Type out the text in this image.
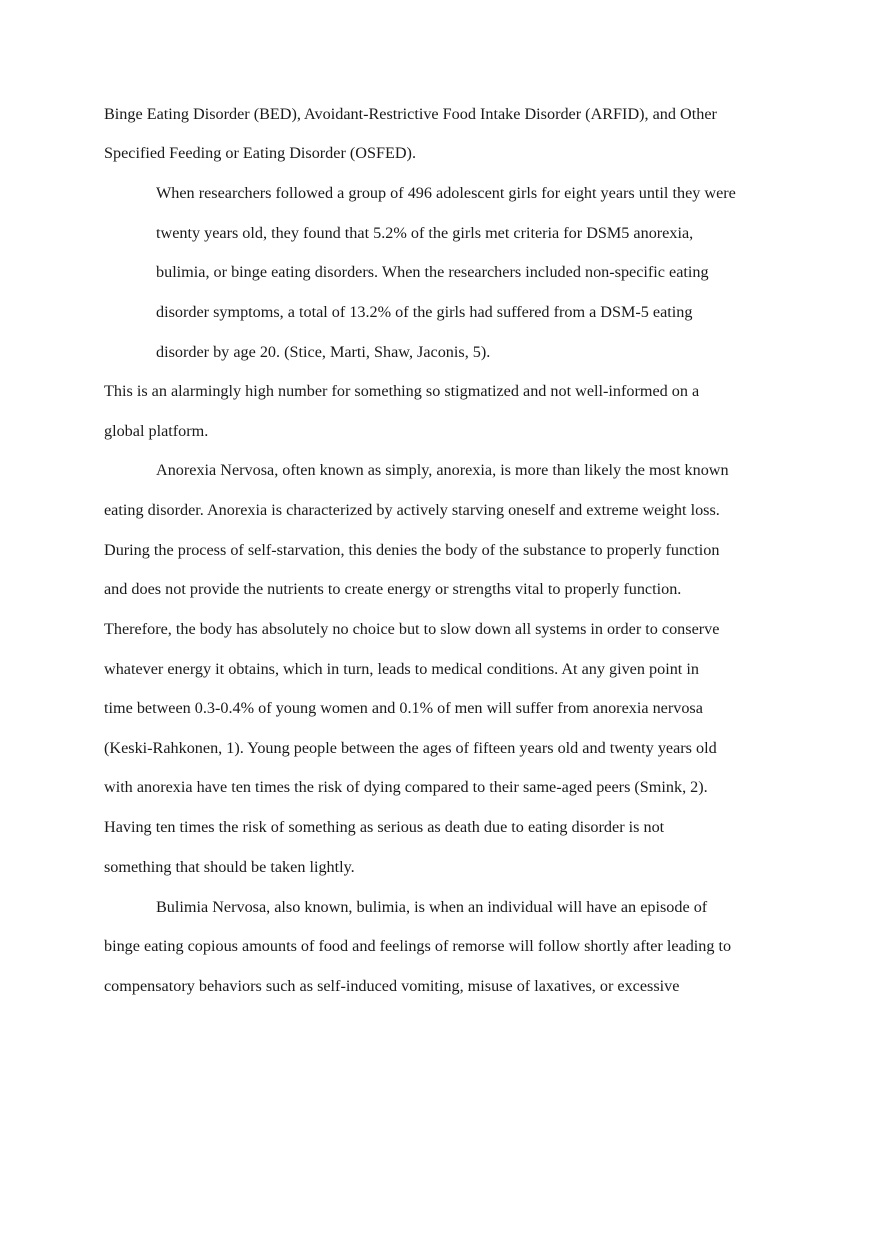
Binge Eating Disorder (BED), Avoidant-Restrictive Food Intake Disorder (ARFID), and Other
Specified Feeding or Eating Disorder (OSFED).
When researchers followed a group of 496 adolescent girls for eight years until they were
twenty years old, they found that 5.2% of the girls met criteria for DSM5 anorexia,
bulimia, or binge eating disorders. When the researchers included non-specific eating
disorder symptoms, a total of 13.2% of the girls had suffered from a DSM-5 eating
disorder by age 20. (Stice, Marti, Shaw, Jaconis, 5).
This is an alarmingly high number for something so stigmatized and not well-informed on a
global platform.
Anorexia Nervosa, often known as simply, anorexia, is more than likely the most known
eating disorder. Anorexia is characterized by actively starving oneself and extreme weight loss.
During the process of self-starvation, this denies the body of the substance to properly function
and does not provide the nutrients to create energy or strengths vital to properly function.
Therefore, the body has absolutely no choice but to slow down all systems in order to conserve
whatever energy it obtains, which in turn, leads to medical conditions. At any given point in
time between 0.3-0.4% of young women and 0.1% of men will suffer from anorexia nervosa
(Keski-Rahkonen, 1). Young people between the ages of fifteen years old and twenty years old
with anorexia have ten times the risk of dying compared to their same-aged peers (Smink, 2).
Having ten times the risk of something as serious as death due to eating disorder is not
something that should be taken lightly.
Bulimia Nervosa, also known, bulimia, is when an individual will have an episode of
binge eating copious amounts of food and feelings of remorse will follow shortly after leading to
compensatory behaviors such as self-induced vomiting, misuse of laxatives, or excessive
